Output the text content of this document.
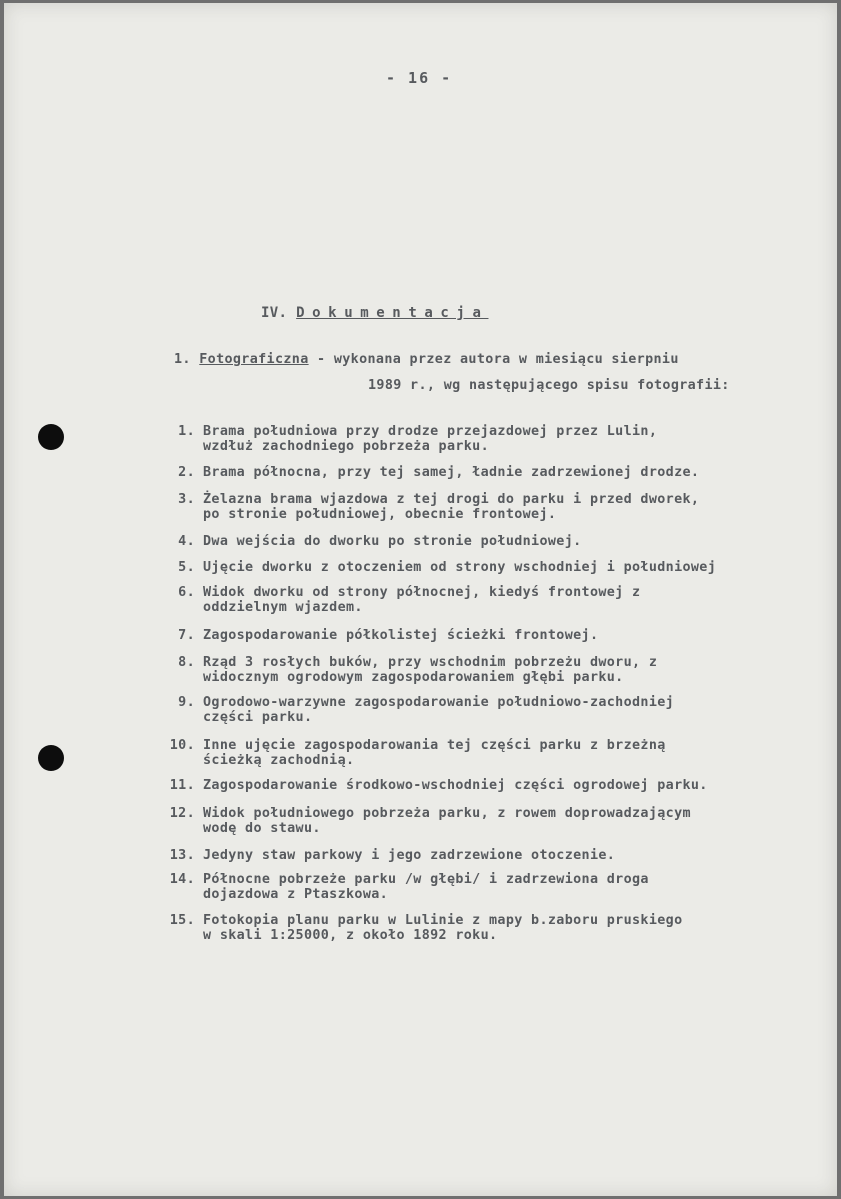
- 16 -
IV. Dokumentacja
1. Fotograficzna - wykonana przez autora w miesiącu sierpniu
1989 r., wg następującego spisu fotografii:
1. Brama południowa przy drodze przejazdowej przez Lulin,
wzdłuż zachodniego pobrzeża parku.
2. Brama północna, przy tej samej, ładnie zadrzewionej drodze.
3. Żelazna brama wjazdowa z tej drogi do parku i przed dworek,
po stronie południowej, obecnie frontowej.
4. Dwa wejścia do dworku po stronie południowej.
5. Ujęcie dworku z otoczeniem od strony wschodniej i południowej
6. Widok dworku od strony północnej, kiedyś frontowej z
oddzielnym wjazdem.
7. Zagospodarowanie półkolistej ścieżki frontowej.
8. Rząd 3 rosłych buków, przy wschodnim pobrzeżu dworu, z
widocznym ogrodowym zagospodarowaniem głębi parku.
9. Ogrodowo-warzywne zagospodarowanie południowo-zachodniej
części parku.
10. Inne ujęcie zagospodarowania tej części parku z brzeżną
ścieżką zachodnią.
11. Zagospodarowanie środkowo-wschodniej części ogrodowej parku.
12. Widok południowego pobrzeża parku, z rowem doprowadzającym
wodę do stawu.
13. Jedyny staw parkowy i jego zadrzewione otoczenie.
14. Północne pobrzeże parku /w głębi/ i zadrzewiona droga
dojazdowa z Ptaszkowa.
15. Fotokopia planu parku w Lulinie z mapy b.zaboru pruskiego
w skali 1:25000, z około 1892 roku.
